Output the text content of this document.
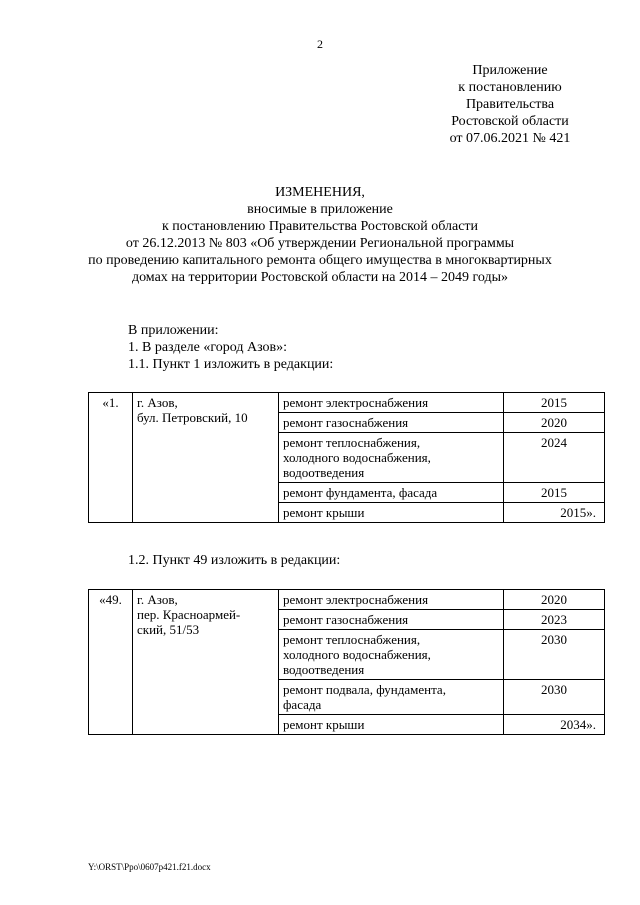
2
Приложение
к постановлению
Правительства
Ростовской области
от 07.06.2021 № 421
ИЗМЕНЕНИЯ,
вносимые в приложение
к постановлению Правительства Ростовской области
от 26.12.2013 № 803 «Об утверждении Региональной программы
по проведению капитального ремонта общего имущества в многоквартирных
домах на территории Ростовской области на 2014 – 2049 годы»
В приложении:
1. В разделе «город Азов»:
1.1. Пункт 1 изложить в редакции:
«1.	г. Азов,
бул. Петровский, 10	ремонт электроснабжения	2015
		ремонт газоснабжения	2020

		ремонт теплоснабжения,
холодного водоснабжения,
водоотведения	2024
		ремонт фундамента, фасада	2015
		ремонт крыши	2015».
1.2. Пункт 49 изложить в редакции:
«49.	г. Азов,
пер. Красноармей-
ский, 51/53	ремонт электроснабжения	2020
		ремонт газоснабжения	2023

		ремонт теплоснабжения,
холодного водоснабжения,
водоотведения	2030

		ремонт подвала, фундамента,
фасада	2030
		ремонт крыши	2034».
Y:\ORST\Ppo\0607p421.f21.docx
